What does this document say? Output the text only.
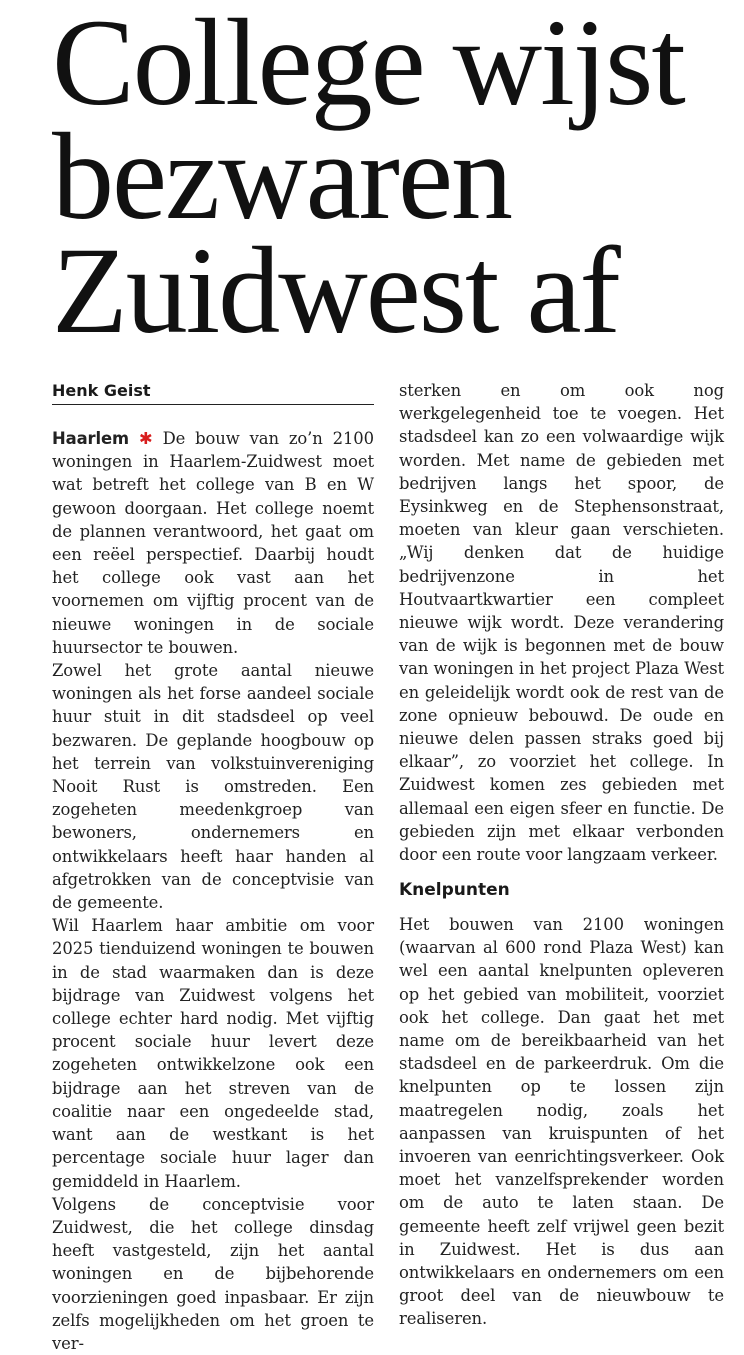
College wijst bezwaren Zuidwest af
Henk Geist

Haarlem ✱ De bouw van zo’n 2100 woningen in Haarlem-Zuidwest moet wat betreft het college van B en W gewoon doorgaan. Het college noemt de plannen verantwoord, het gaat om een reëel perspectief. Daarbij houdt het college ook vast aan het voornemen om vijftig procent van de nieuwe woningen in de sociale huursector te bouwen.

Zowel het grote aantal nieuwe woningen als het forse aandeel sociale huur stuit in dit stadsdeel op veel bezwaren. De geplande hoogbouw op het terrein van volkstuinvereniging Nooit Rust is omstreden. Een zogeheten meedenkgroep van bewoners, ondernemers en ontwikkelaars heeft haar handen al afgetrokken van de conceptvisie van de gemeente.

Wil Haarlem haar ambitie om voor 2025 tienduizend woningen te bouwen in de stad waarmaken dan is deze bijdrage van Zuidwest volgens het college echter hard nodig. Met vijftig procent sociale huur levert deze zogeheten ontwikkelzone ook een bijdrage aan het streven van de coalitie naar een ongedeelde stad, want aan de westkant is het percentage sociale huur lager dan gemiddeld in Haarlem.

Volgens de conceptvisie voor Zuidwest, die het college dinsdag heeft vastgesteld, zijn het aantal woningen en de bijbehorende voorzieningen goed inpasbaar. Er zijn zelfs mogelijkheden om het groen te ver-

sterken en om ook nog werkgelegenheid toe te voegen. Het stadsdeel kan zo een volwaardige wijk worden. Met name de gebieden met bedrijven langs het spoor, de Eysinkweg en de Stephensonstraat, moeten van kleur gaan verschieten. „Wij denken dat de huidige bedrijvenzone in het Houtvaartkwartier een compleet nieuwe wijk wordt. Deze verandering van de wijk is begonnen met de bouw van woningen in het project Plaza West en geleidelijk wordt ook de rest van de zone opnieuw bebouwd. De oude en nieuwe delen passen straks goed bij elkaar”, zo voorziet het college. In Zuidwest komen zes gebieden met allemaal een eigen sfeer en functie. De gebieden zijn met elkaar verbonden door een route voor langzaam verkeer.

Knelpunten

Het bouwen van 2100 woningen (waarvan al 600 rond Plaza West) kan wel een aantal knelpunten opleveren op het gebied van mobiliteit, voorziet ook het college. Dan gaat het met name om de bereikbaarheid van het stadsdeel en de parkeerdruk. Om die knelpunten op te lossen zijn maatregelen nodig, zoals het aanpassen van kruispunten of het invoeren van eenrichtingsverkeer. Ook moet het vanzelfsprekender worden om de auto te laten staan. De gemeente heeft zelf vrijwel geen bezit in Zuidwest. Het is dus aan ontwikkelaars en ondernemers om een groot deel van de nieuwbouw te realiseren.
